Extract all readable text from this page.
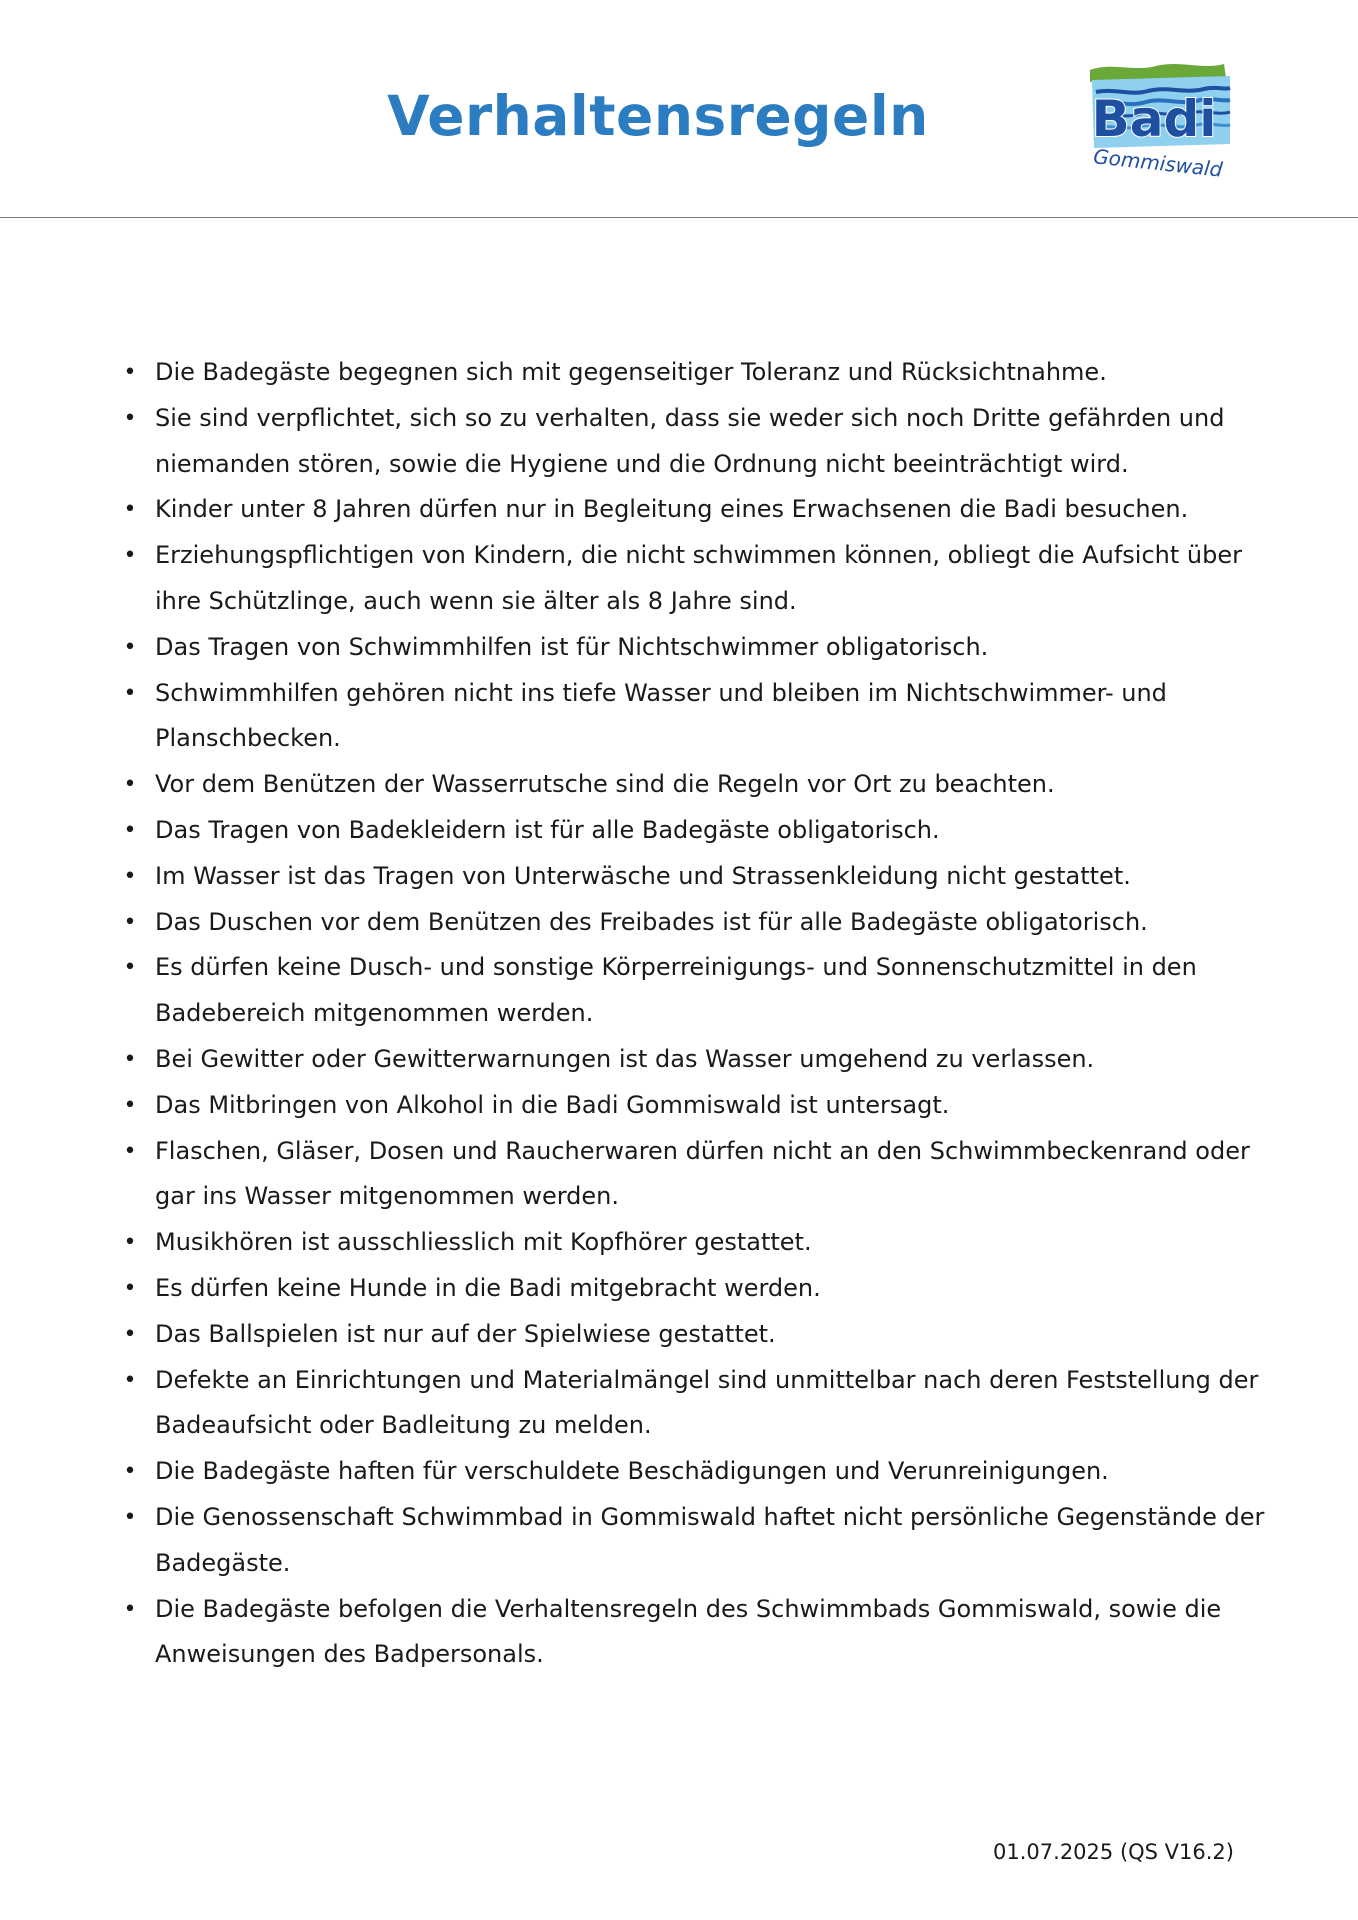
Verhaltensregeln	Badi
Gommiswald
• Die Badegäste begegnen sich mit gegenseitiger Toleranz und Rücksichtnahme.
• Sie sind verpflichtet, sich so zu verhalten, dass sie weder sich noch Dritte gefährden und niemanden stören, sowie die Hygiene und die Ordnung nicht beeinträchtigt wird.
• Kinder unter 8 Jahren dürfen nur in Begleitung eines Erwachsenen die Badi besuchen.
• Erziehungspflichtigen von Kindern, die nicht schwimmen können, obliegt die Aufsicht über ihre Schützlinge, auch wenn sie älter als 8 Jahre sind.
• Das Tragen von Schwimmhilfen ist für Nichtschwimmer obligatorisch.
• Schwimmhilfen gehören nicht ins tiefe Wasser und bleiben im Nichtschwimmer- und Planschbecken.
• Vor dem Benützen der Wasserrutsche sind die Regeln vor Ort zu beachten.
• Das Tragen von Badekleidern ist für alle Badegäste obligatorisch.
• Im Wasser ist das Tragen von Unterwäsche und Strassenkleidung nicht gestattet.
• Das Duschen vor dem Benützen des Freibades ist für alle Badegäste obligatorisch.
• Es dürfen keine Dusch- und sonstige Körperreinigungs- und Sonnenschutzmittel in den Badebereich mitgenommen werden.
• Bei Gewitter oder Gewitterwarnungen ist das Wasser umgehend zu verlassen.
• Das Mitbringen von Alkohol in die Badi Gommiswald ist untersagt.
• Flaschen, Gläser, Dosen und Raucherwaren dürfen nicht an den Schwimmbeckenrand oder gar ins Wasser mitgenommen werden.
• Musikhören ist ausschliesslich mit Kopfhörer gestattet.
• Es dürfen keine Hunde in die Badi mitgebracht werden.
• Das Ballspielen ist nur auf der Spielwiese gestattet.
• Defekte an Einrichtungen und Materialmängel sind unmittelbar nach deren Feststellung der Badeaufsicht oder Badleitung zu melden.
• Die Badegäste haften für verschuldete Beschädigungen und Verunreinigungen.
• Die Genossenschaft Schwimmbad in Gommiswald haftet nicht persönliche Gegenstände der Badegäste.
• Die Badegäste befolgen die Verhaltensregeln des Schwimmbads Gommiswald, sowie die Anweisungen des Badpersonals.
01.07.2025 (QS V16.2)
